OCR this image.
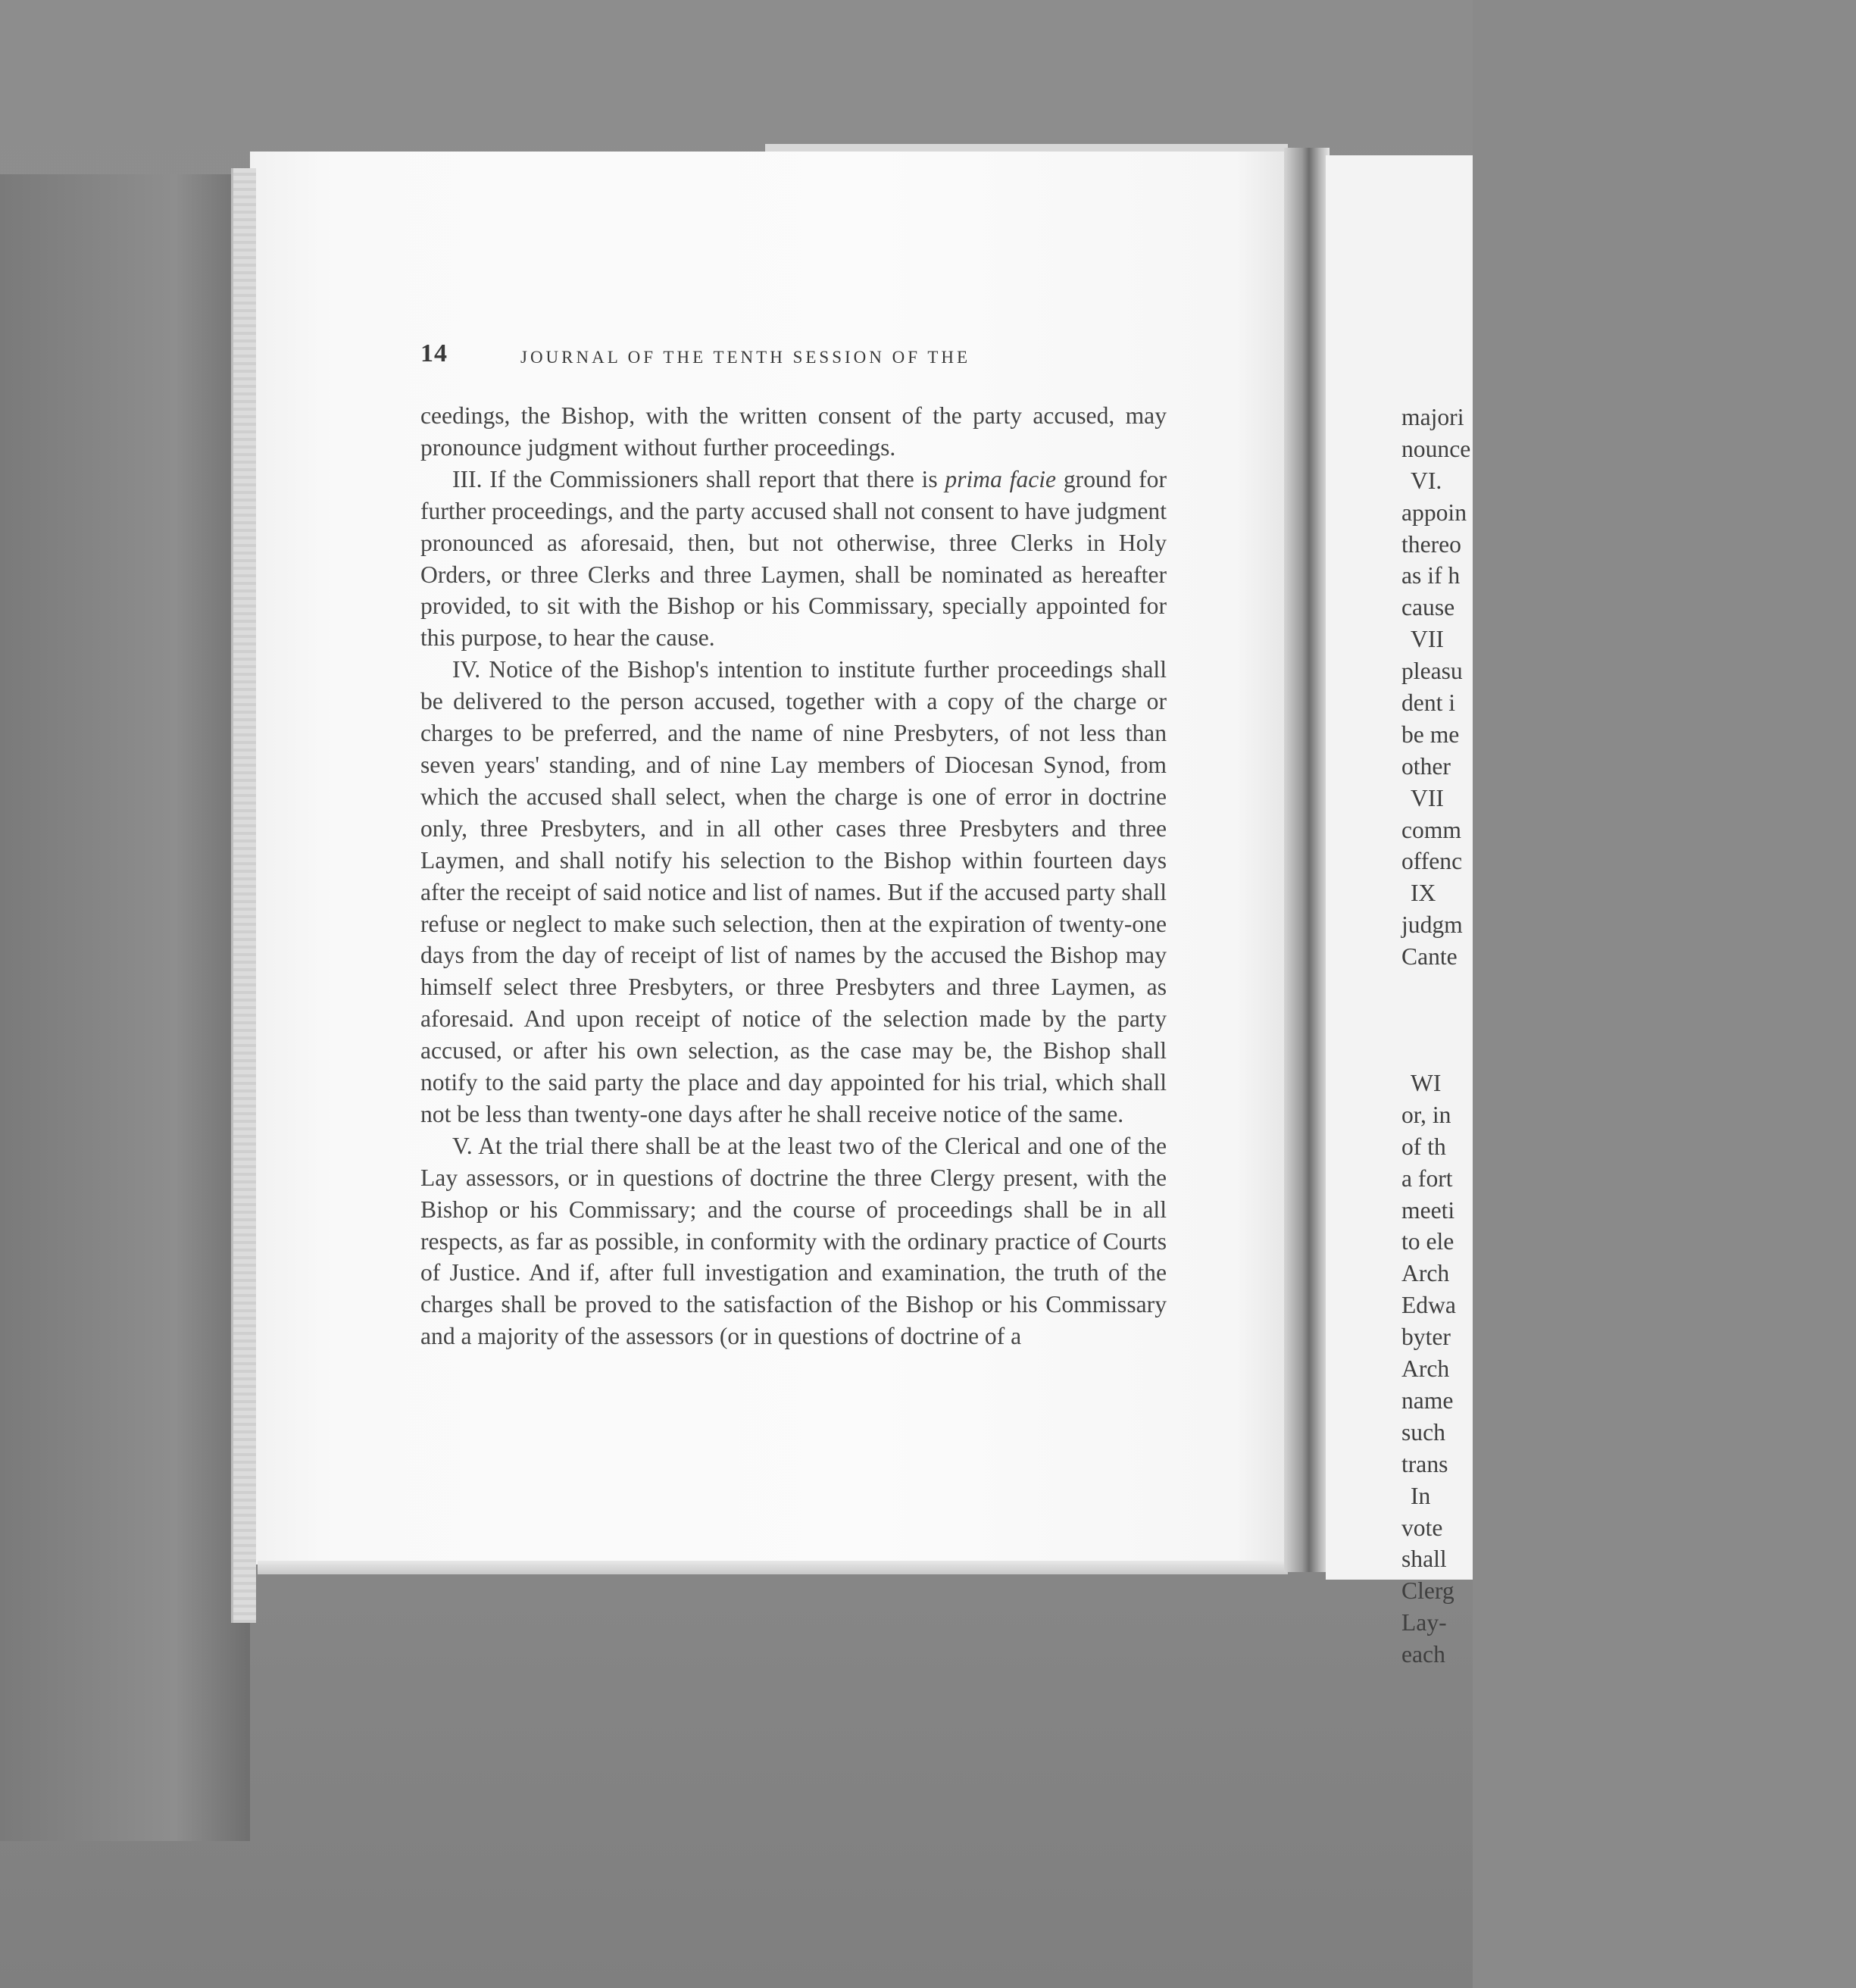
majori
nounce
VI.
appoin
thereo
as if h
cause
VII
pleasu
dent i
be me
other
VII
comm
offenc
IX
judgm
Cante
WI
or, in
of th
a fort
meeti
to ele
Arch
Edwa
byter
Arch
name
such
trans
In
vote
shall
Clerg
Lay-
each
14	JOURNAL OF THE TENTH SESSION OF THE

ceedings, the Bishop, with the written consent of the party accused, may pronounce judgment without further proceedings.

III. If the Commissioners shall report that there is prima facie ground for further proceedings, and the party accused shall not consent to have judgment pronounced as aforesaid, then, but not otherwise, three Clerks in Holy Orders, or three Clerks and three Laymen, shall be nominated as hereafter provided, to sit with the Bishop or his Commissary, specially appointed for this purpose, to hear the cause.

IV. Notice of the Bishop's intention to institute further proceedings shall be delivered to the person accused, together with a copy of the charge or charges to be preferred, and the name of nine Presbyters, of not less than seven years' standing, and of nine Lay members of Diocesan Synod, from which the accused shall select, when the charge is one of error in doctrine only, three Presbyters, and in all other cases three Presbyters and three Laymen, and shall notify his selection to the Bishop within fourteen days after the receipt of said notice and list of names. But if the accused party shall refuse or neglect to make such selection, then at the expiration of twenty-one days from the day of receipt of list of names by the accused the Bishop may himself select three Presbyters, or three Presbyters and three Laymen, as aforesaid. And upon receipt of notice of the selection made by the party accused, or after his own selection, as the case may be, the Bishop shall notify to the said party the place and day appointed for his trial, which shall not be less than twenty-one days after he shall receive notice of the same.

V. At the trial there shall be at the least two of the Clerical and one of the Lay assessors, or in questions of doctrine the three Clergy present, with the Bishop or his Commissary; and the course of proceedings shall be in all respects, as far as possible, in conformity with the ordinary practice of Courts of Justice. And if, after full investigation and examination, the truth of the charges shall be proved to the satisfaction of the Bishop or his Commissary and a majority of the assessors (or in questions of doctrine of a
